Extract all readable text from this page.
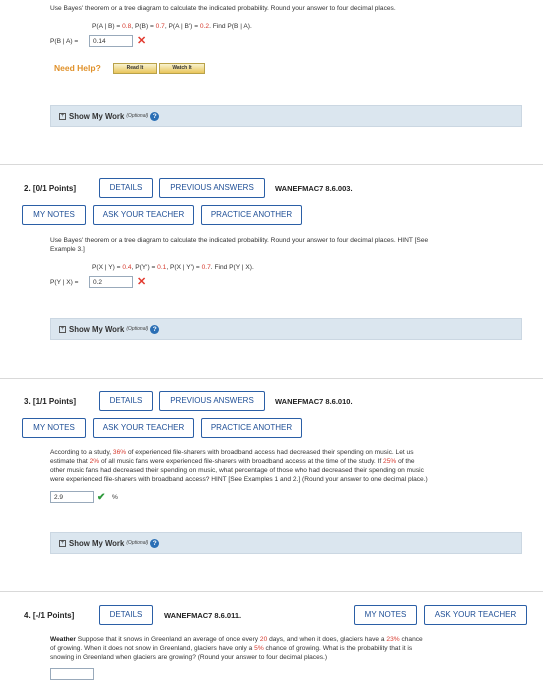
Use Bayes' theorem or a tree diagram to calculate the indicated probability. Round your answer to four decimal places.
P(A | B) = 0.8, P(B) = 0.7, P(A | B') = 0.2. Find P(B | A).
P(B | A) =	0.14	✕
Need Help?	Read It	Watch It
+ Show My Work (Optional) ?
2. [0/1 Points]	DETAILS	PREVIOUS ANSWERS	WANEFMAC7 8.6.003.
MY NOTES	ASK YOUR TEACHER	PRACTICE ANOTHER
Use Bayes' theorem or a tree diagram to calculate the indicated probability. Round your answer to four decimal places. HINT [See
Example 3.]
P(X | Y) = 0.4, P(Y') = 0.1, P(X | Y') = 0.7. Find P(Y | X).
P(Y | X) =	0.2	✕
+ Show My Work (Optional) ?
3. [1/1 Points]	DETAILS	PREVIOUS ANSWERS	WANEFMAC7 8.6.010.
MY NOTES	ASK YOUR TEACHER	PRACTICE ANOTHER
According to a study, 36% of experienced file-sharers with broadband access had decreased their spending on music. Let us
estimate that 2% of all music fans were experienced file-sharers with broadband access at the time of the study. If 25% of the
other music fans had decreased their spending on music, what percentage of those who had decreased their spending on music
were experienced file-sharers with broadband access? HINT [See Examples 1 and 2.] (Round your answer to one decimal place.)
2.9	✔ %
+ Show My Work (Optional) ?
4. [-/1 Points]	DETAILS	WANEFMAC7 8.6.011.	MY NOTES	ASK YOUR TEACHER
Weather Suppose that it snows in Greenland an average of once every 20 days, and when it does, glaciers have a 23% chance
of growing. When it does not snow in Greenland, glaciers have only a 5% chance of growing. What is the probability that it is
snowing in Greenland when glaciers are growing? (Round your answer to four decimal places.)
